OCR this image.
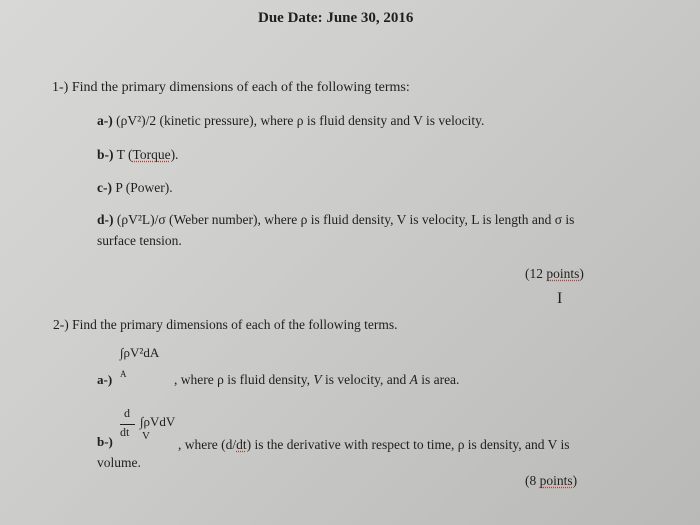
Due Date: June 30, 2016
1-) Find the primary dimensions of each of the following terms:
a-) (ρV²)/2 (kinetic pressure), where ρ is fluid density and V is velocity.
b-) T (Torque).
c-) P (Power).
d-) (ρV²L)/σ (Weber number), where ρ is fluid density, V is velocity, L is length and σ is
surface tension.
(12 points)
I
2-) Find the primary dimensions of each of the following terms.
∫ρV²dA
a-) A	, where ρ is fluid density, V is velocity, and A is area.
d
dt
∫ρVdV
V
b-)	, where (d/dt) is the derivative with respect to time, ρ is density, and V is
volume.
(8 points)
